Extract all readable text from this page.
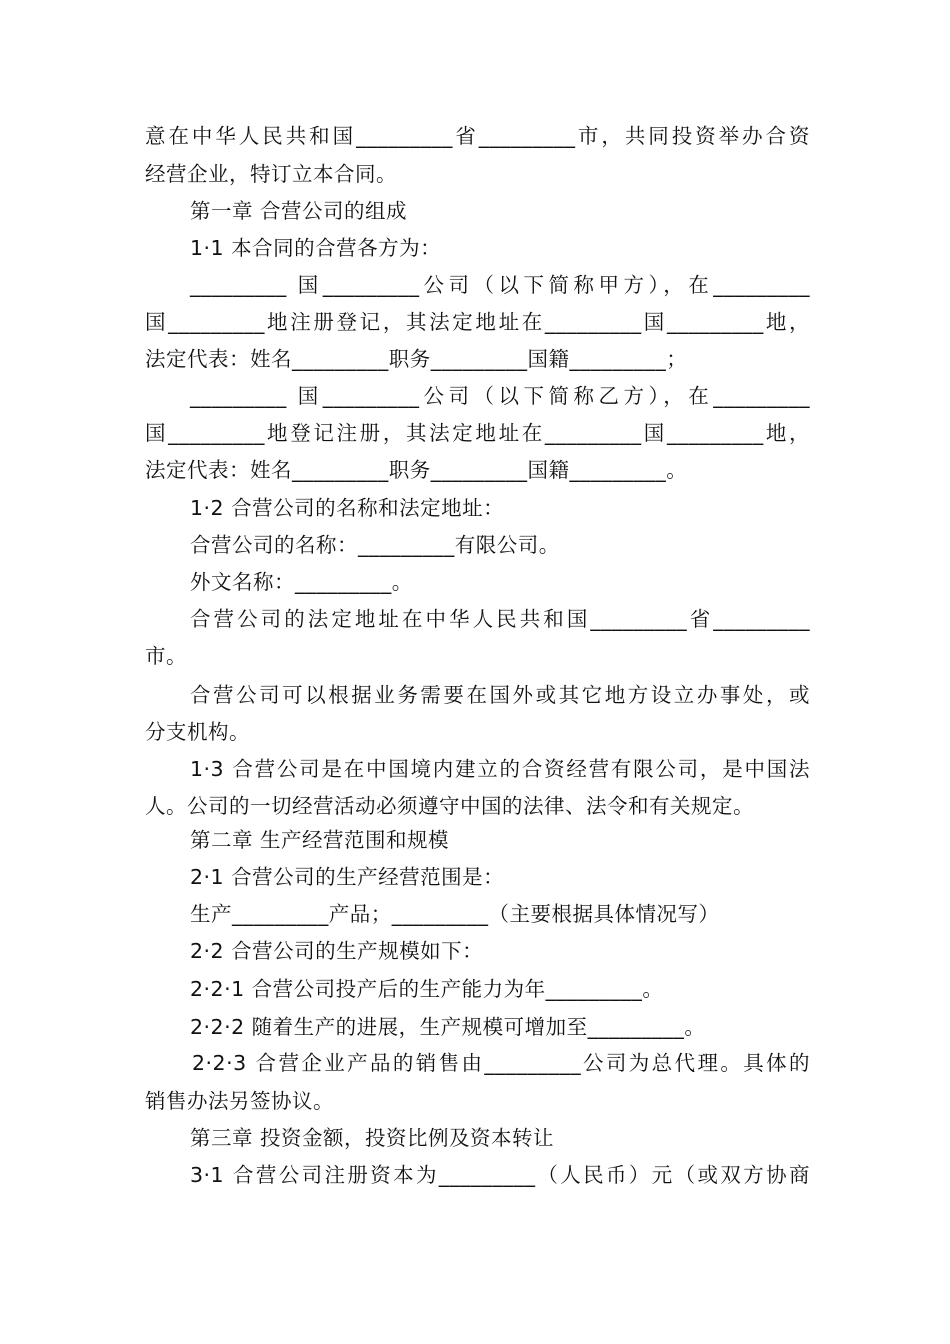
意在中华人民共和国_________省_________市，共同投资举办合资
经营企业，特订立本合同。
第一章 合营公司的组成
1·1 本合同的合营各方为：
_________ 国_________公司（以下简称甲方），在_________
国_________地注册登记，其法定地址在_________国_________地，
法定代表：姓名_________职务_________国籍_________；
_________ 国_________公司（以下简称乙方），在_________
国_________地登记注册，其法定地址在_________国_________地，
法定代表：姓名_________职务_________国籍_________。
1·2 合营公司的名称和法定地址：
合营公司的名称：_________有限公司。
外文名称：_________。
合营公司的法定地址在中华人民共和国_________省_________
市。
合营公司可以根据业务需要在国外或其它地方设立办事处，或
分支机构。
1·3 合营公司是在中国境内建立的合资经营有限公司，是中国法
人。公司的一切经营活动必须遵守中国的法律、法令和有关规定。
第二章 生产经营范围和规模
2·1 合营公司的生产经营范围是：
生产_________产品；_________（主要根据具体情况写）
2·2 合营公司的生产规模如下：
2·2·1 合营公司投产后的生产能力为年_________。
2·2·2 随着生产的进展，生产规模可增加至_________。
2·2·3 合营企业产品的销售由_________公司为总代理。具体的
销售办法另签协议。
第三章 投资金额，投资比例及资本转让
3·1 合营公司注册资本为_________（人民币）元（或双方协商
